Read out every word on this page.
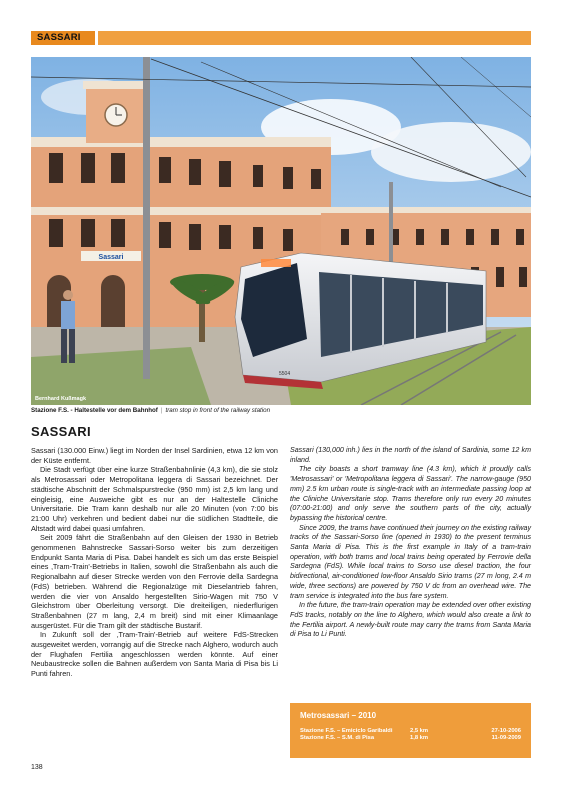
SASSARI
Sassari
5504
Bernhard Kußmagk
Stazione F.S. - Haltestelle vor dem Bahnhof | tram stop in front of the railway station
SASSARI

Sassari (130.000 Einw.) liegt im Norden der Insel Sardinien, etwa 12 km von der Küste entfernt.

Die Stadt verfügt über eine kurze Straßenbahnlinie (4,3 km), die sie stolz als Metrosassari oder Metropolitana leggera di Sassari bezeichnet. Der städtische Abschnitt der Schmalspurstrecke (950 mm) ist 2,5 km lang und eingleisig, eine Ausweiche gibt es nur an der Haltestelle Cliniche Universitarie. Die Tram kann deshalb nur alle 20 Minuten (von 7:00 bis 21:00 Uhr) verkehren und bedient dabei nur die südlichen Stadtteile, die Altstadt wird dabei quasi umfahren.

Seit 2009 fährt die Straßenbahn auf den Gleisen der 1930 in Betrieb genommenen Bahnstrecke Sassari-Sorso weiter bis zum derzeitigen Endpunkt Santa Maria di Pisa. Dabei handelt es sich um das erste Beispiel eines ‚Tram-Train'-Betriebs in Italien, sowohl die Straßenbahn als auch die Regionalbahn auf dieser Strecke werden von den Ferrovie della Sardegna (FdS) betrieben. Während die Regionalzüge mit Dieselantrieb fahren, werden die vier von Ansaldo hergestellten Sirio-Wagen mit 750 V Gleichstrom über Oberleitung versorgt. Die dreiteiligen, niederflurigen Straßenbahnen (27 m lang, 2,4 m breit) sind mit einer Klimaanlage ausgerüstet. Für die Tram gilt der städtische Bustarif.

In Zukunft soll der ‚Tram-Train'-Betrieb auf weitere FdS-Strecken ausgeweitet werden, vorrangig auf die Strecke nach Alghero, wodurch auch der Flughafen Fertilia angeschlossen werden könnte. Auf einer Neubaustrecke sollen die Bahnen außerdem von Santa Maria di Pisa bis Li Punti fahren.

Sassari (130,000 inh.) lies in the north of the island of Sardinia, some 12 km inland.

The city boasts a short tramway line (4.3 km), which it proudly calls 'Metrosassari' or 'Metropolitana leggera di Sassari'. The narrow-gauge (950 mm) 2.5 km urban route is single-track with an intermediate passing loop at the Cliniche Universitarie stop. Trams therefore only run every 20 minutes (07:00-21:00) and only serve the southern parts of the city, actually bypassing the historical centre.

Since 2009, the trams have continued their journey on the existing railway tracks of the Sassari-Sorso line (opened in 1930) to the present terminus Santa Maria di Pisa. This is the first example in Italy of a tram-train operation, with both trams and local trains being operated by Ferrovie della Sardegna (FdS). While local trains to Sorso use diesel traction, the four bidirectional, air-conditioned low-floor Ansaldo Sirio trams (27 m long, 2.4 m wide, three sections) are powered by 750 V dc from an overhead wire. The tram service is integrated into the bus fare system.

In the future, the tram-train operation may be extended over other existing FdS tracks, notably on the line to Alghero, which would also create a link to the Fertilia airport. A newly-built route may carry the trams from Santa Maria di Pisa to Li Punti.

Metrosassari – 2010
Stazione F.S. – Emiciclo Garibaldi	2,5 km	27-10-2006
Stazione F.S. – S.M. di Pisa	1,8 km	11-09-2009
138
